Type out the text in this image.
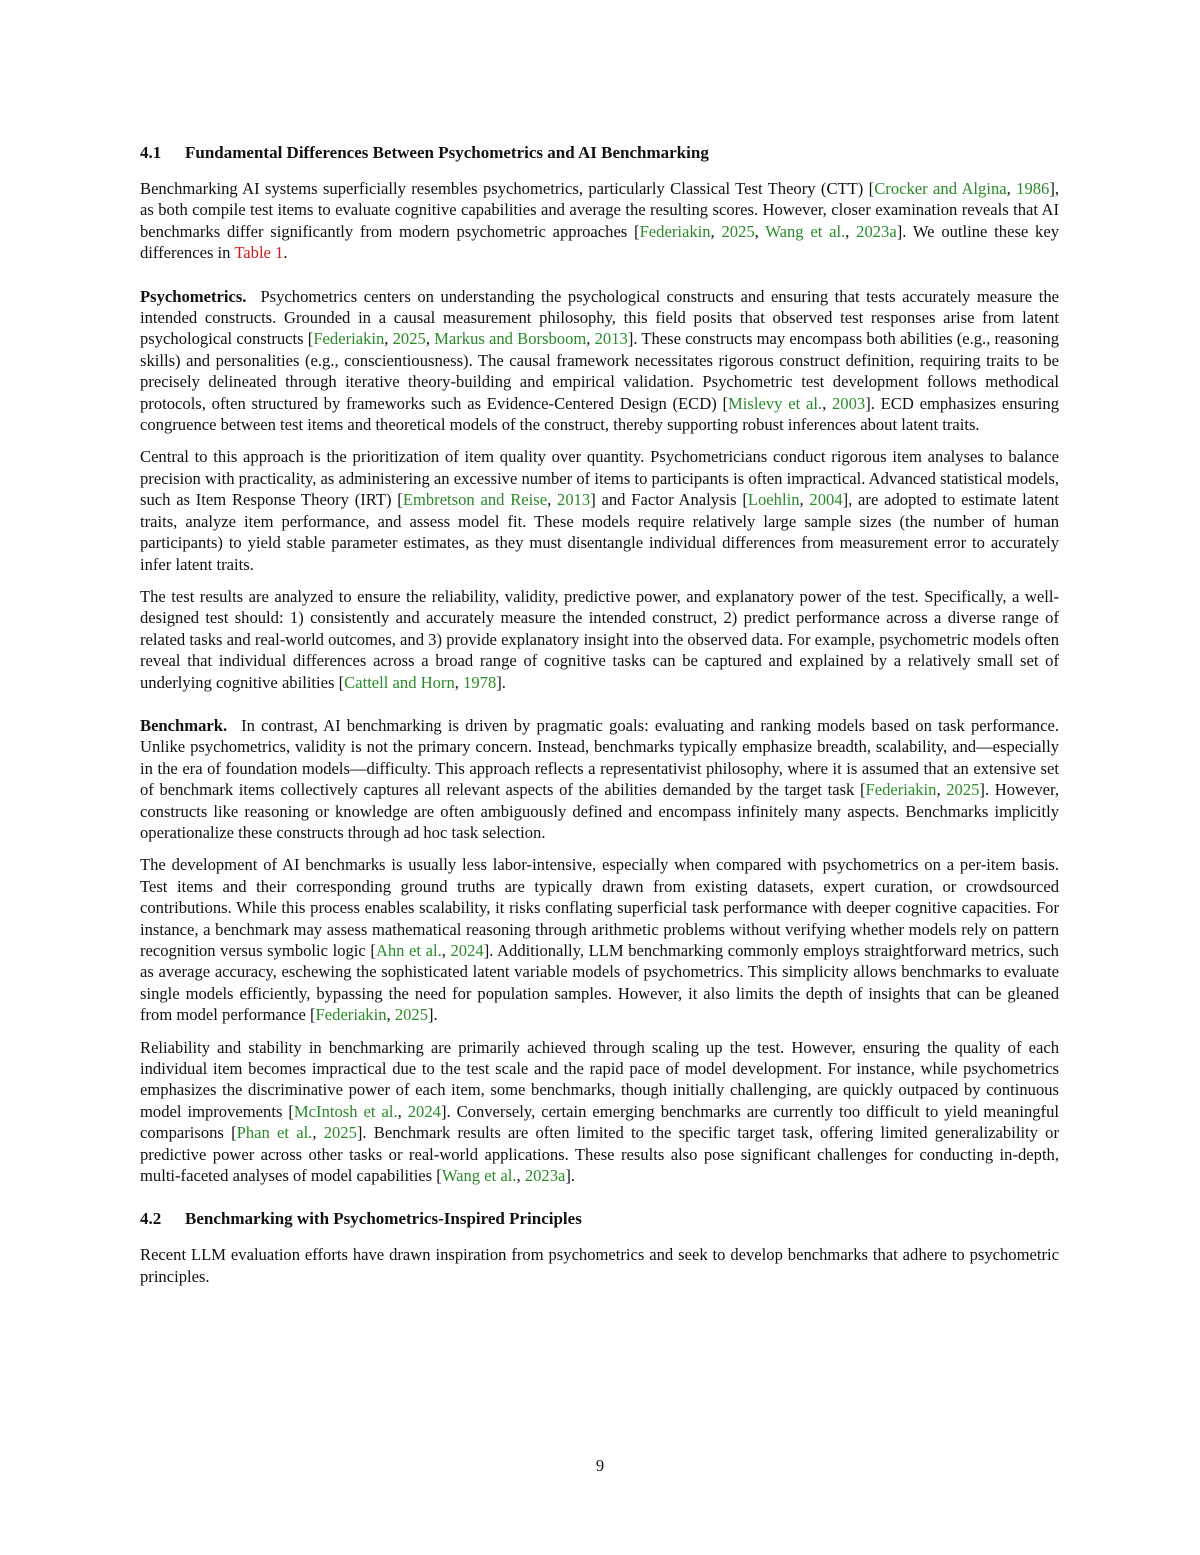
4.1 Fundamental Differences Between Psychometrics and AI Benchmarking

Benchmarking AI systems superficially resembles psychometrics, particularly Classical Test Theory (CTT) [Crocker and Algina, 1986], as both compile test items to evaluate cognitive capabilities and average the resulting scores. However, closer examination reveals that AI benchmarks differ significantly from modern psychometric approaches [Federiakin, 2025, Wang et al., 2023a]. We outline these key differences in Table 1.

Psychometrics. Psychometrics centers on understanding the psychological constructs and ensuring that tests accurately measure the intended constructs. Grounded in a causal measurement philosophy, this field posits that observed test responses arise from latent psychological constructs [Federiakin, 2025, Markus and Borsboom, 2013]. These constructs may encompass both abilities (e.g., reasoning skills) and personalities (e.g., conscientiousness). The causal framework necessitates rigorous construct definition, requiring traits to be precisely delineated through iterative theory-building and empirical validation. Psychometric test development follows methodical protocols, often structured by frameworks such as Evidence-Centered Design (ECD) [Mislevy et al., 2003]. ECD emphasizes ensuring congruence between test items and theoretical models of the construct, thereby supporting robust inferences about latent traits.

Central to this approach is the prioritization of item quality over quantity. Psychometricians conduct rigorous item analyses to balance precision with practicality, as administering an excessive number of items to participants is often impractical. Advanced statistical models, such as Item Response Theory (IRT) [Embretson and Reise, 2013] and Factor Analysis [Loehlin, 2004], are adopted to estimate latent traits, analyze item performance, and assess model fit. These models require relatively large sample sizes (the number of human participants) to yield stable parameter estimates, as they must disentangle individual differences from measurement error to accurately infer latent traits.

The test results are analyzed to ensure the reliability, validity, predictive power, and explanatory power of the test. Specifically, a well-designed test should: 1) consistently and accurately measure the intended construct, 2) predict performance across a diverse range of related tasks and real-world outcomes, and 3) provide explanatory insight into the observed data. For example, psychometric models often reveal that individual differences across a broad range of cognitive tasks can be captured and explained by a relatively small set of underlying cognitive abilities [Cattell and Horn, 1978].

Benchmark. In contrast, AI benchmarking is driven by pragmatic goals: evaluating and ranking models based on task performance. Unlike psychometrics, validity is not the primary concern. Instead, benchmarks typically emphasize breadth, scalability, and—especially in the era of foundation models—difficulty. This approach reflects a representativist philosophy, where it is assumed that an extensive set of benchmark items collectively captures all relevant aspects of the abilities demanded by the target task [Federiakin, 2025]. However, constructs like reasoning or knowledge are often ambiguously defined and encompass infinitely many aspects. Benchmarks implicitly operationalize these constructs through ad hoc task selection.

The development of AI benchmarks is usually less labor-intensive, especially when compared with psychometrics on a per-item basis. Test items and their corresponding ground truths are typically drawn from existing datasets, expert curation, or crowdsourced contributions. While this process enables scalability, it risks conflating superficial task performance with deeper cognitive capacities. For instance, a benchmark may assess mathematical reasoning through arithmetic problems without verifying whether models rely on pattern recognition versus symbolic logic [Ahn et al., 2024]. Additionally, LLM benchmarking commonly employs straightforward metrics, such as average accuracy, eschewing the sophisticated latent variable models of psychometrics. This simplicity allows benchmarks to evaluate single models efficiently, bypassing the need for population samples. However, it also limits the depth of insights that can be gleaned from model performance [Federiakin, 2025].

Reliability and stability in benchmarking are primarily achieved through scaling up the test. However, ensuring the quality of each individual item becomes impractical due to the test scale and the rapid pace of model development. For instance, while psychometrics emphasizes the discriminative power of each item, some benchmarks, though initially challenging, are quickly outpaced by continuous model improvements [McIntosh et al., 2024]. Conversely, certain emerging benchmarks are currently too difficult to yield meaningful comparisons [Phan et al., 2025]. Benchmark results are often limited to the specific target task, offering limited generalizability or predictive power across other tasks or real-world applications. These results also pose significant challenges for conducting in-depth, multi-faceted analyses of model capabilities [Wang et al., 2023a].

4.2 Benchmarking with Psychometrics-Inspired Principles

Recent LLM evaluation efforts have drawn inspiration from psychometrics and seek to develop benchmarks that adhere to psychometric principles.

9
